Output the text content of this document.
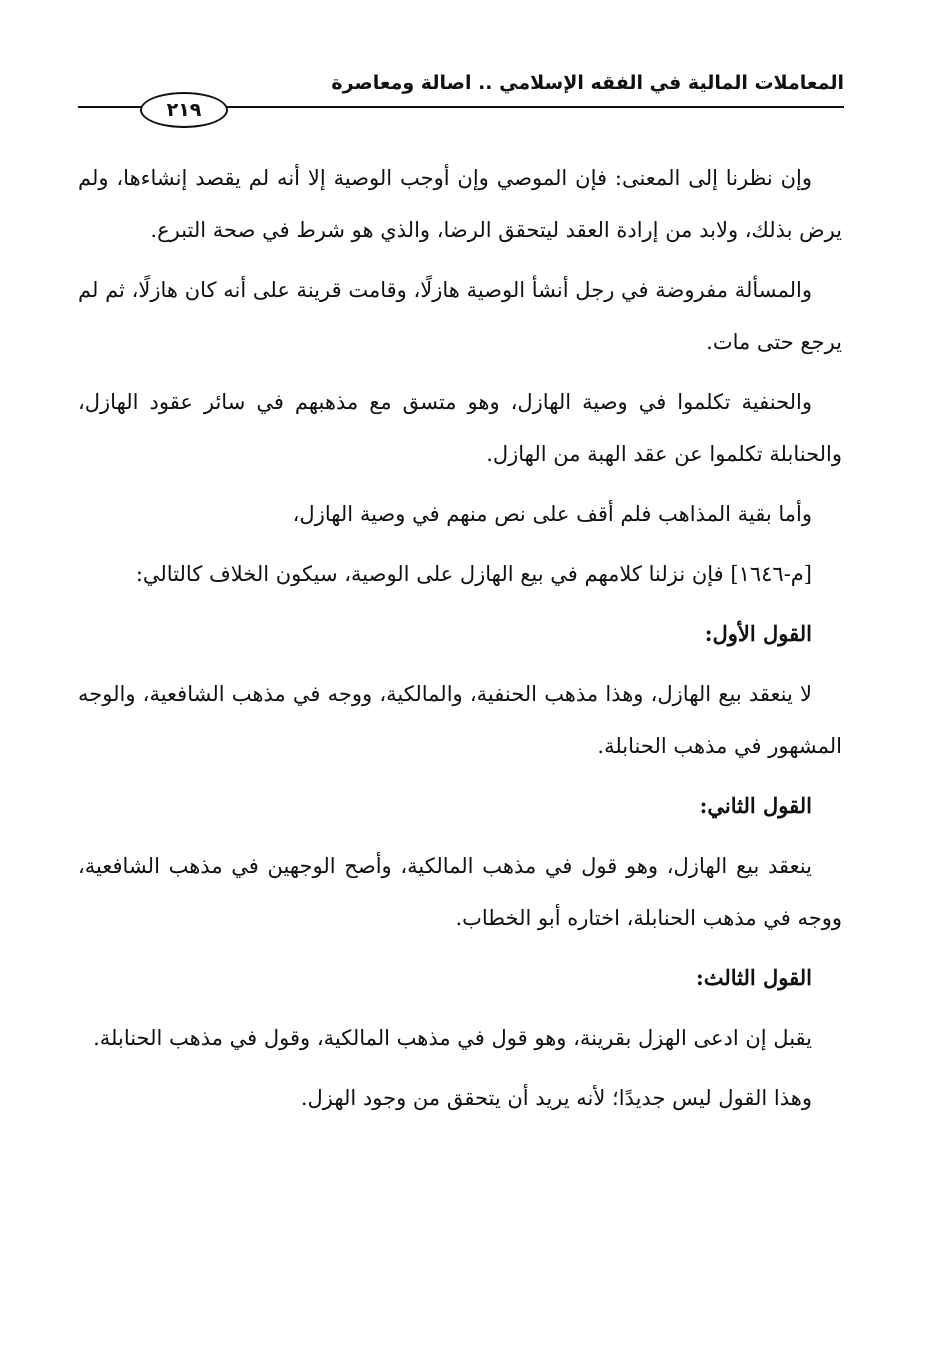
المعاملات المالية في الفقه الإسلامي .. اصالة ومعاصرة
٢١٩

وإن نظرنا إلى المعنى: فإن الموصي وإن أوجب الوصية إلا أنه لم يقصد إنشاءها، ولم يرض بذلك، ولابد من إرادة العقد ليتحقق الرضا، والذي هو شرط في صحة التبرع.

والمسألة مفروضة في رجل أنشأ الوصية هازلًا، وقامت قرينة على أنه كان هازلًا، ثم لم يرجع حتى مات.

والحنفية تكلموا في وصية الهازل، وهو متسق مع مذهبهم في سائر عقود الهازل، والحنابلة تكلموا عن عقد الهبة من الهازل.

وأما بقية المذاهب فلم أقف على نص منهم في وصية الهازل،

[م-١٦٤٦] فإن نزلنا كلامهم في بيع الهازل على الوصية، سيكون الخلاف كالتالي:

القول الأول:

لا ينعقد بيع الهازل، وهذا مذهب الحنفية، والمالكية، ووجه في مذهب الشافعية، والوجه المشهور في مذهب الحنابلة.

القول الثاني:

ينعقد بيع الهازل، وهو قول في مذهب المالكية، وأصح الوجهين في مذهب الشافعية، ووجه في مذهب الحنابلة، اختاره أبو الخطاب.

القول الثالث:

يقبل إن ادعى الهزل بقرينة، وهو قول في مذهب المالكية، وقول في مذهب الحنابلة.

وهذا القول ليس جديدًا؛ لأنه يريد أن يتحقق من وجود الهزل.
